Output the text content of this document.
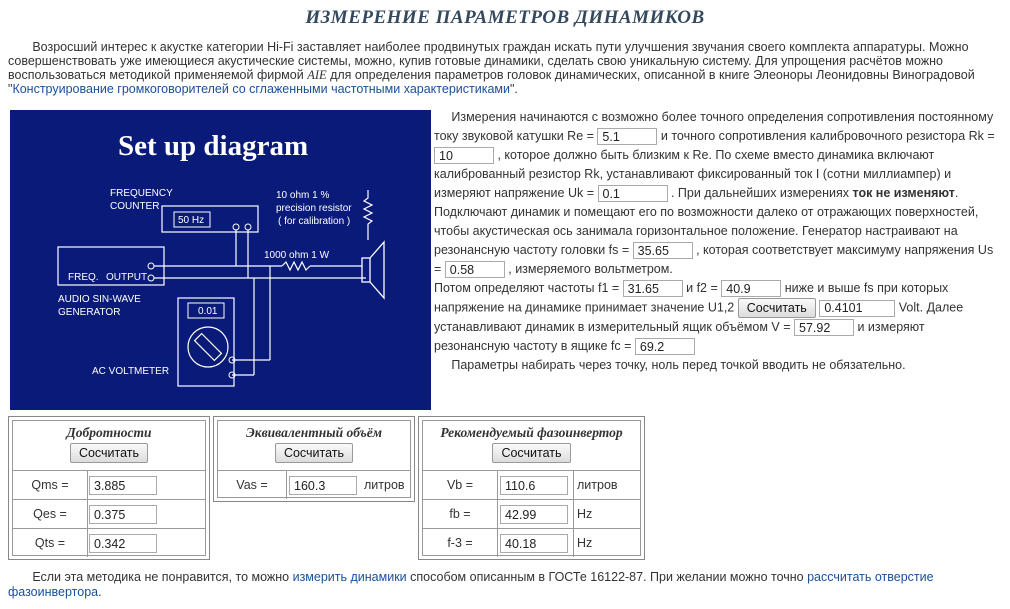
ИЗМЕРЕНИЕ ПАРАМЕТРОВ ДИНАМИКОВ
Возросший интерес к акустке категории Hi-Fi заставляет наиболее продвинутых граждан искать пути улучшения звучания своего комплекта аппаратуры. Можно совершенствовать уже имеющиеся акустические системы, можно, купив готовые динамики, сделать свою уникальную систему. Для упрощения расчётов можно воспользоваться методикой применяемой фирмой AIE для определения параметров головок динамических, описанной в книге Элеоноры Леонидовны Виноградовой "Конструирование громкоговорителей со сглаженными частотными характеристиками".
Set up diagram
FREQUENCY
COUNTER
50 Hz
10 ohm 1 %
precision resistor
( for calibration )
1000 ohm 1 W
FREQ. OUTPUT
AUDIO SIN-WAVE
GENERATOR	0.01
AC VOLTMETER

Измерения начинаются с возможно более точного определения сопротивления постоянному току звуковой катушки Re = 5.1	и точного сопротивления калибровочного резистора Rk = 10 , которое должно быть близким к Re. По схеме вместо динамика включают калиброванный резистор Rk, устанавливают фиксированный ток I (сотни миллиампер) и измеряют напряжение Uk = 0.1	. При дальнейших измерениях ток не изменяют.

Подключают динамик и помещают его по возможности далеко от отражающих поверхностей, чтобы акустическая ось занимала горизонтальное положение. Генератор настраивают на резонансную частоту головки fs = 35.65	, которая соответствует максимуму напряжения Us = 0.58	, измеряемого вольтметром.

Потом определяют частоты f1 = 31.65	и f2 = 40.9	ниже и выше fs при которых напряжение на динамике принимает значение U1,2 Сосчитать 0.4101	Volt. Далее устанавливают динамик в измерительный ящик объёмом V = 57.92	и измеряют резонансную частоту в ящике fc = 69.2

Параметры набирать через точку, ноль перед точкой вводить не обязательно.

Добротности
Сосчитать
Qms =
3.885
Qes =
0.375
Qts =
0.342
Эквивалентный объём
Сосчитать
Vas =
160.3	литров
Рекомендуемый фазоинвертор
Сосчитать
Vb =
110.6	литров
fb =
42.99	Hz
f-3 =
40.18	Hz
Если эта методика не понравится, то можно измерить динамики способом описанным в ГОСТе 16122-87. При желании можно точно рассчитать отверстие фазоинвертора.
